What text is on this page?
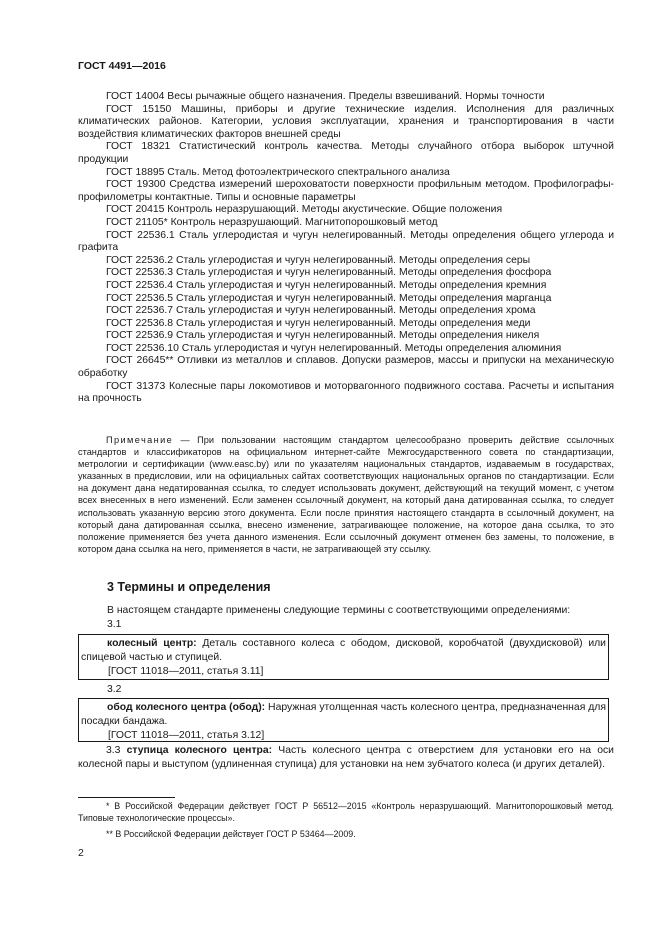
ГОСТ 4491—2016

ГОСТ 14004 Весы рычажные общего назначения. Пределы взвешиваний. Нормы точности

ГОСТ 15150 Машины, приборы и другие технические изделия. Исполнения для различных климатических районов. Категории, условия эксплуатации, хранения и транспортирования в части воздействия климатических факторов внешней среды

ГОСТ 18321 Статистический контроль качества. Методы случайного отбора выборок штучной продукции

ГОСТ 18895 Сталь. Метод фотоэлектрического спектрального анализа

ГОСТ 19300 Средства измерений шероховатости поверхности профильным методом. Профилографы-профилометры контактные. Типы и основные параметры

ГОСТ 20415 Контроль неразрушающий. Методы акустические. Общие положения

ГОСТ 21105* Контроль неразрушающий. Магнитопорошковый метод

ГОСТ 22536.1 Сталь углеродистая и чугун нелегированный. Методы определения общего углерода и графита

ГОСТ 22536.2 Сталь углеродистая и чугун нелегированный. Методы определения серы

ГОСТ 22536.3 Сталь углеродистая и чугун нелегированный. Методы определения фосфора

ГОСТ 22536.4 Сталь углеродистая и чугун нелегированный. Методы определения кремния

ГОСТ 22536.5 Сталь углеродистая и чугун нелегированный. Методы определения марганца

ГОСТ 22536.7 Сталь углеродистая и чугун нелегированный. Методы определения хрома

ГОСТ 22536.8 Сталь углеродистая и чугун нелегированный. Методы определения меди

ГОСТ 22536.9 Сталь углеродистая и чугун нелегированный. Методы определения никеля

ГОСТ 22536.10 Сталь углеродистая и чугун нелегированный. Методы определения алюминия

ГОСТ 26645** Отливки из металлов и сплавов. Допуски размеров, массы и припуски на механическую обработку

ГОСТ 31373 Колесные пары локомотивов и моторвагонного подвижного состава. Расчеты и испытания на прочность

Примечание — При пользовании настоящим стандартом целесообразно проверить действие ссылочных стандартов и классификаторов на официальном интернет-сайте Межгосударственного совета по стандартизации, метрологии и сертификации (www.easc.by) или по указателям национальных стандартов, издаваемым в государствах, указанных в предисловии, или на официальных сайтах соответствующих национальных органов по стандартизации. Если на документ дана недатированная ссылка, то следует использовать документ, действующий на текущий момент, с учетом всех внесенных в него изменений. Если заменен ссылочный документ, на который дана датированная ссылка, то следует использовать указанную версию этого документа. Если после принятия настоящего стандарта в ссылочный документ, на который дана датированная ссылка, внесено изменение, затрагивающее положение, на которое дана ссылка, то это положение применяется без учета данного изменения. Если ссылочный документ отменен без замены, то положение, в котором дана ссылка на него, применяется в части, не затрагивающей эту ссылку.

3 Термины и определения
В настоящем стандарте применены следующие термины с соответствующими определениями:
3.1

колесный центр: Деталь составного колеса с ободом, дисковой, коробчатой (двухдисковой) или спицевой частью и ступицей.

[ГОСТ 11018—2011, статья 3.11]

3.2

обод колесного центра (обод): Наружная утолщенная часть колесного центра, предназначенная для посадки бандажа.

[ГОСТ 11018—2011, статья 3.12]

3.3 ступица колесного центра: Часть колесного центра с отверстием для установки его на оси колесной пары и выступом (удлиненная ступица) для установки на нем зубчатого колеса (и других деталей).

* В Российской Федерации действует ГОСТ Р 56512—2015 «Контроль неразрушающий. Магнитопорошковый метод. Типовые технологические процессы».

** В Российской Федерации действует ГОСТ Р 53464—2009.

2
